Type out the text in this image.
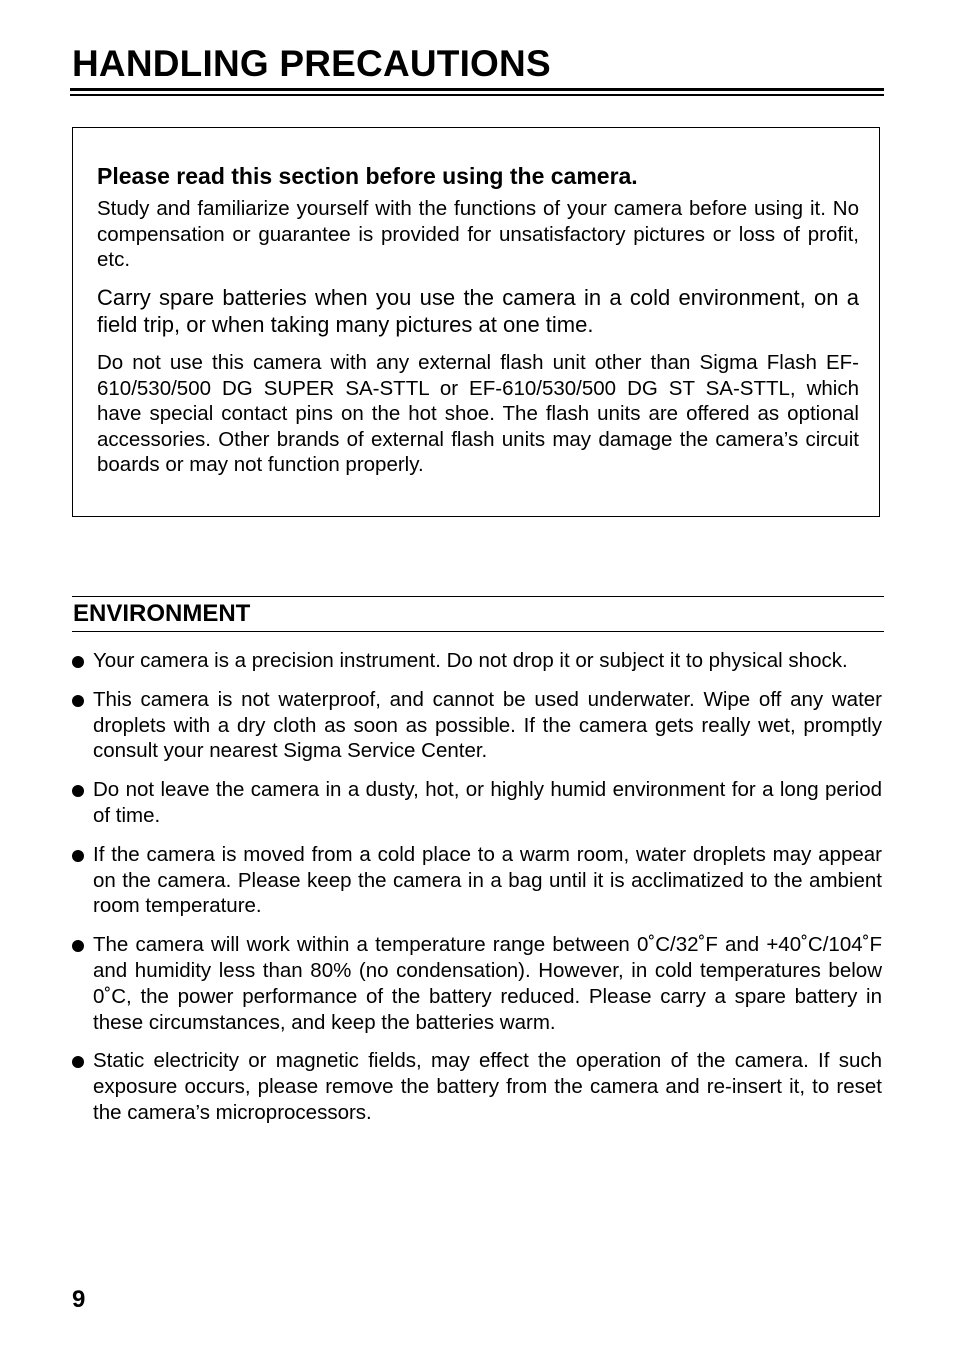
HANDLING PRECAUTIONS
Please read this section before using the camera.

Study and familiarize yourself with the functions of your camera before using it. No compensation or guarantee is provided for unsatisfactory pictures or loss of profit, etc.

Carry spare batteries when you use the camera in a cold environment, on a field trip, or when taking many pictures at one time.

Do not use this camera with any external flash unit other than Sigma Flash EF-610/530/500 DG SUPER SA-STTL or EF-610/530/500 DG ST SA-STTL, which have special contact pins on the hot shoe. The flash units are offered as optional accessories. Other brands of external flash units may damage the camera’s circuit boards or may not function properly.

ENVIRONMENT
Your camera is a precision instrument. Do not drop it or subject it to physical shock.
This camera is not waterproof, and cannot be used underwater. Wipe off any water droplets with a dry cloth as soon as possible. If the camera gets really wet, promptly consult your nearest Sigma Service Center.
Do not leave the camera in a dusty, hot, or highly humid environment for a long period of time.
If the camera is moved from a cold place to a warm room, water droplets may appear on the camera. Please keep the camera in a bag until it is acclimatized to the ambient room temperature.
The camera will work within a temperature range between 0˚C/32˚F and +40˚C/104˚F and humidity less than 80% (no condensation). However, in cold temperatures below 0˚C, the power performance of the battery reduced. Please carry a spare battery in these circumstances, and keep the batteries warm.
Static electricity or magnetic fields, may effect the operation of the camera. If such exposure occurs, please remove the battery from the camera and re-insert it, to reset the camera’s microprocessors.
9
